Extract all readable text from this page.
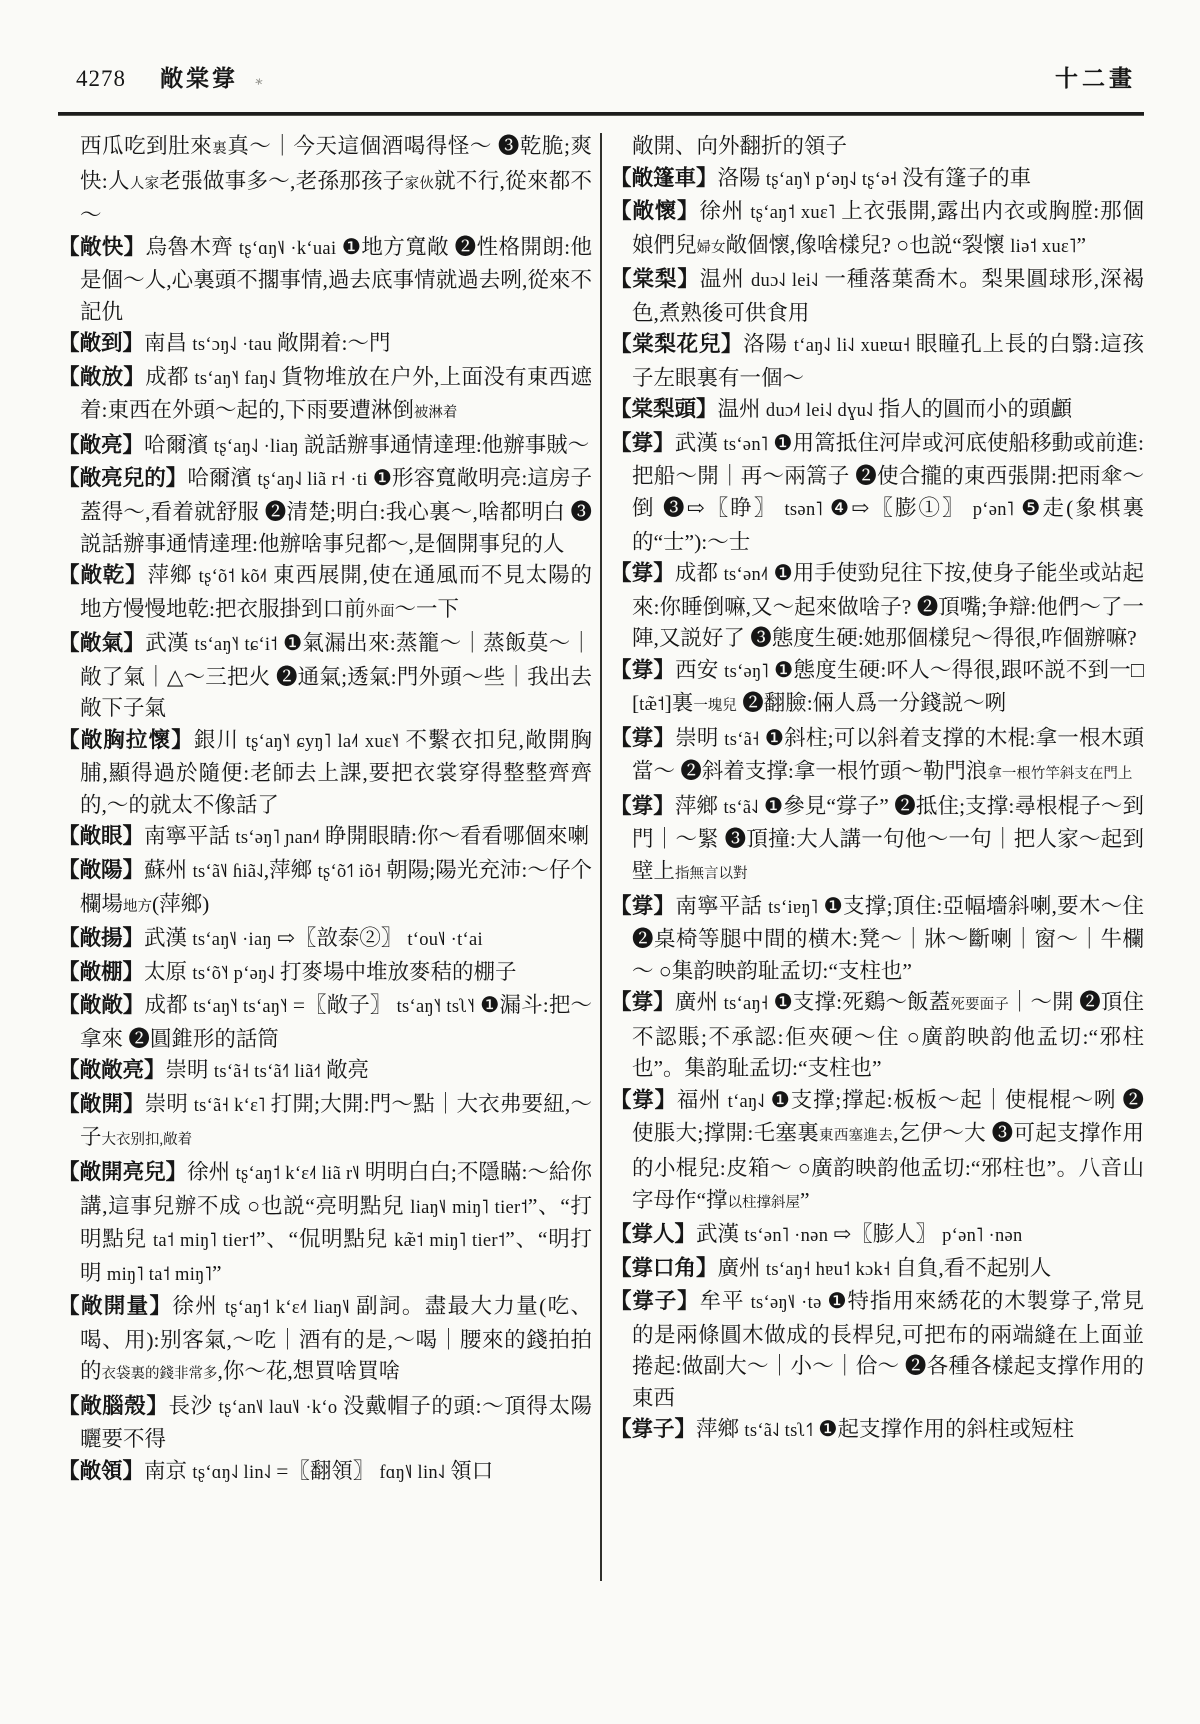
4278 敞棠牚 ∗	十二畫

西瓜吃到肚來裏真～｜今天這個酒喝得怪～ ❸乾脆;爽快:人人家老張做事多～,老孫那孩子家伙就不行,從來都不～

【敞快】烏魯木齊 tʂʻɑŋ˥˩ ·kʻuai ❶地方寬敞 ❷性格開朗:他是個～人,心裏頭不擱事情,過去底事情就過去咧,從來不記仇

【敞到】南昌 tsʻɔŋ˨˩ ·tau 敞開着:～門

【敞放】成都 tsʻaŋ˥˧ faŋ˨˩ 貨物堆放在户外,上面没有東西遮着:東西在外頭～起的,下雨要遭淋倒被淋着

【敞亮】哈爾濱 tʂʻaŋ˨˩ ·liaŋ 説話辦事通情達理:他辦事賊～

【敞亮兒的】哈爾濱 tʂʻaŋ˨˩ liã r˧ ·ti ❶形容寬敞明亮:這房子蓋得～,看着就舒服 ❷清楚;明白:我心裏～,啥都明白 ❸説話辦事通情達理:他辦啥事兒都～,是個開事兒的人

【敞乾】萍鄉 tʂʻõ˦ kõ˨˦ 東西展開,使在通風而不見太陽的地方慢慢地乾:把衣服掛到口前外面～一下

【敞氣】武漢 tsʻaŋ˥˧ tɕʻi˦ ❶氣漏出來:蒸籠～｜蒸飯莫～｜敞了氣｜△～三把火 ❷通氣;透氣:門外頭～些｜我出去敞下子氣

【敞胸拉懷】銀川 tʂʻaŋ˥˧ ɕyŋ˥ la˨˦ xuɛ˥˧ 不繫衣扣兒,敞開胸脯,顯得過於隨便:老師去上課,要把衣裳穿得整整齊齊的,～的就太不像話了

【敞眼】南寧平話 tsʻəŋ˥ ɲan˨˦ 睁開眼睛:你～看看哪個來喇

【敞陽】蘇州 tsʻã˥˩ ɦiã˨˩,萍鄉 tʂʻõ˦˥ iõ˧ 朝陽;陽光充沛:～仔个欄場地方(萍鄉)

【敞揚】武漢 tsʻaŋ˥˩ ·iaŋ ⇨〖敨泰②〗 tʻou˥˩ ·tʻai

【敞棚】太原 tsʻõ˥˧ pʻəŋ˨˩ 打麥場中堆放麥秸的棚子

【敞敞】成都 tsʻaŋ˥˧ tsʻaŋ˥˧ =〖敞子〗 tsʻaŋ˥˧ tsʅ˥˧ ❶漏斗:把～拿來 ❷圓錐形的話筒

【敞敞亮】崇明 tsʻã˧ tsʻã˧˥ liã˧˦ 敞亮

【敞開】崇明 tsʻã˧ kʻɛ˥ 打開;大開:門～點｜大衣弗要紐,～子大衣别扣,敞着

【敞開亮兒】徐州 tʂʻaŋ˦ kʻɛ˨˦ liã r˥˩ 明明白白;不隱瞞:～給你講,這事兒辦不成 ○也説“亮明點兒 liaŋ˥˩ miŋ˥ tier˦”、“打明點兒 ta˦ miŋ˥ tier˦”、“侃明點兒 kæ̃˦ miŋ˥ tier˦”、“明打明 miŋ˥ ta˦ miŋ˥”

【敞開量】徐州 tʂʻaŋ˦ kʻɛ˨˦ liaŋ˥˩ 副詞。盡最大力量(吃、喝、用):别客氣,～吃｜酒有的是,～喝｜腰來的錢拍拍的衣袋裏的錢非常多,你～花,想買啥買啥

【敞腦殼】長沙 tʂʻan˥˩ lau˥˩ ·kʻo 没戴帽子的頭:～頂得太陽曬要不得

【敞領】南京 tʂʻɑŋ˨˩ lin˨˩ =〖翻領〗 fɑŋ˥˩ lin˨˩ 領口

敞開、向外翻折的領子

【敞篷車】洛陽 tʂʻaŋ˥˧ pʻəŋ˨˩ tʂʻə˧ 没有篷子的車

【敞懷】徐州 tʂʻaŋ˦ xuɛ˥ 上衣張開,露出内衣或胸膛:那個娘們兒婦女敞個懷,像啥樣兒? ○也説“裂懷 liə˦ xuɛ˥”

【棠梨】温州 duɔ˨˩ lei˨˩ 一種落葉喬木。梨果圓球形,深褐色,煮熟後可供食用

【棠梨花兒】洛陽 tʻaŋ˨˩ li˨˩ xuɐɯ˧ 眼瞳孔上長的白翳:這孩子左眼裏有一個～

【棠梨頭】温州 duɔ˨˦ lei˨˩ dɣu˨˩ 指人的圓而小的頭顱

【牚】武漢 tsʻən˥ ❶用篙抵住河岸或河底使船移動或前進:把船～開｜再～兩篙子 ❷使合攏的東西張開:把雨傘～倒 ❸⇨〖睁〗 tsən˥ ❹⇨〖膨①〗 pʻən˥ ❺走(象棋裏的“士”):～士

【牚】成都 tsʻən˨˦ ❶用手使勁兒往下按,使身子能坐或站起來:你睡倒嘛,又～起來做啥子? ❷頂嘴;争辯:他們～了一陣,又説好了 ❸態度生硬:她那個樣兒～得很,咋個辦嘛?

【牚】西安 tsʻəŋ˥ ❶態度生硬:吥人～得很,跟吥説不到一□[tæ̃˦]裏一塊兒 ❷翻臉:倆人爲一分錢説～咧

【牚】崇明 tsʻã˧ ❶斜柱;可以斜着支撑的木棍:拿一根木頭當～ ❷斜着支撑:拿一根竹頭～勒門浪拿一根竹竿斜支在門上

【牚】萍鄉 tsʻã˨˩ ❶參見“牚子” ❷抵住;支撑:尋根棍子～到門｜～緊 ❸頂撞:大人講一句他～一句｜把人家～起到壁上指無言以對

【牚】南寧平話 tsʻiɐŋ˥ ❶支撑;頂住:亞幅墻斜喇,要木～住 ❷桌椅等腿中間的横木:凳～｜牀～斷喇｜窗～｜牛欄～ ○集韵映韵耻孟切:“支柱也”

【牚】廣州 tsʻaŋ˧ ❶支撑:死鷄～飯蓋死要面子｜～開 ❷頂住不認賬;不承認:佢夾硬～住 ○廣韵映韵他孟切:“邪柱也”。集韵耻孟切:“支柱也”

【牚】福州 tʻaŋ˨˩ ❶支撑;撑起:板板～起｜使棍棍～咧 ❷使脹大;撑開:乇塞裏東西塞進去,乞伊～大 ❸可起支撑作用的小棍兒:皮箱～ ○廣韵映韵他孟切:“邪柱也”。八音山字母作“撑以柱撑斜屋”

【牚人】武漢 tsʻən˥ ·nən ⇨〖膨人〗 pʻən˥ ·nən

【牚口角】廣州 tsʻaŋ˧ hɐu˦ kɔk˧ 自負,看不起别人

【牚子】牟平 tsʻəŋ˥˩ ·tə ❶特指用來綉花的木製牚子,常見的是兩條圓木做成的長桿兒,可把布的兩端縫在上面並捲起:做副大～｜小～｜佮～ ❷各種各樣起支撑作用的東西

【牚子】萍鄉 tsʻã˨˩ tsʅ˦˥ ❶起支撑作用的斜柱或短柱
